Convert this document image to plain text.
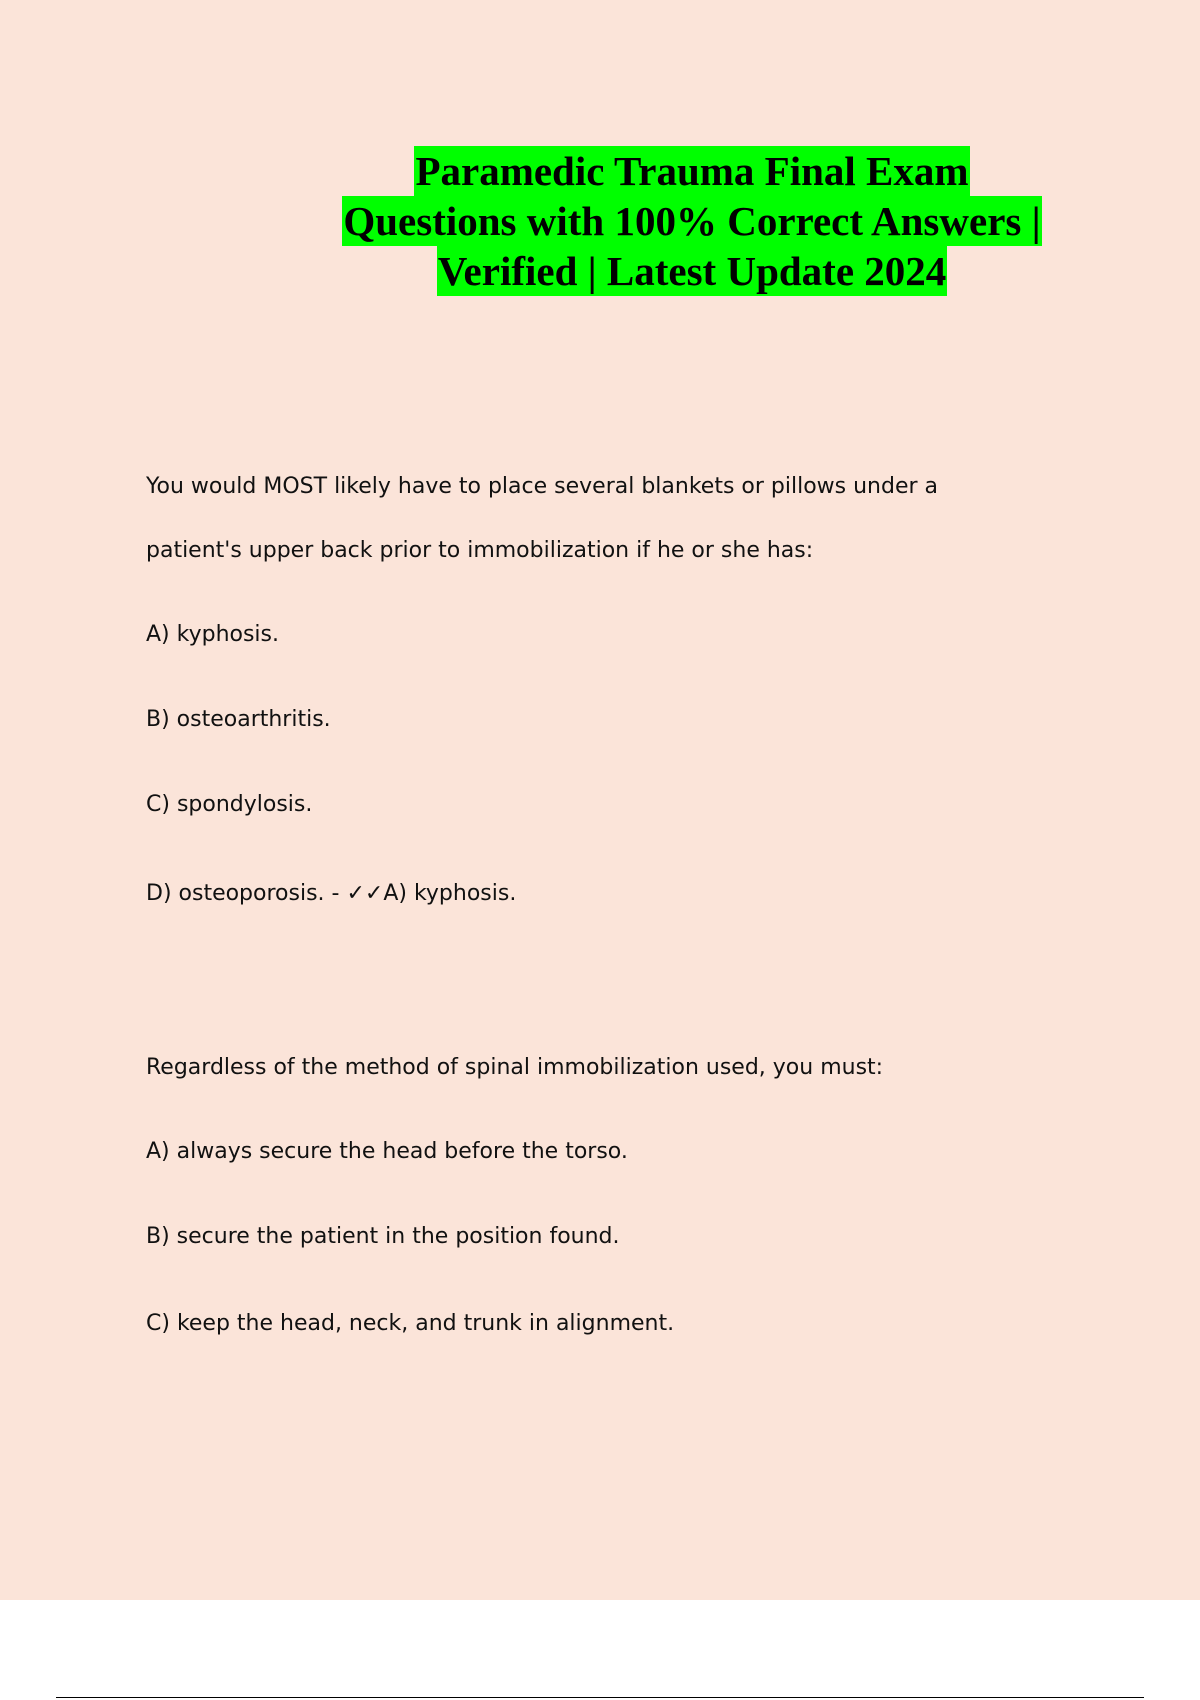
Paramedic Trauma Final Exam
Questions with 100% Correct Answers |
Verified | Latest Update 2024

You would MOST likely have to place several blankets or pillows under a

patient's upper back prior to immobilization if he or she has:

A) kyphosis.

B) osteoarthritis.

C) spondylosis.

D) osteoporosis. - ✓✓A) kyphosis.

Regardless of the method of spinal immobilization used, you must:

A) always secure the head before the torso.

B) secure the patient in the position found.

C) keep the head, neck, and trunk in alignment.
